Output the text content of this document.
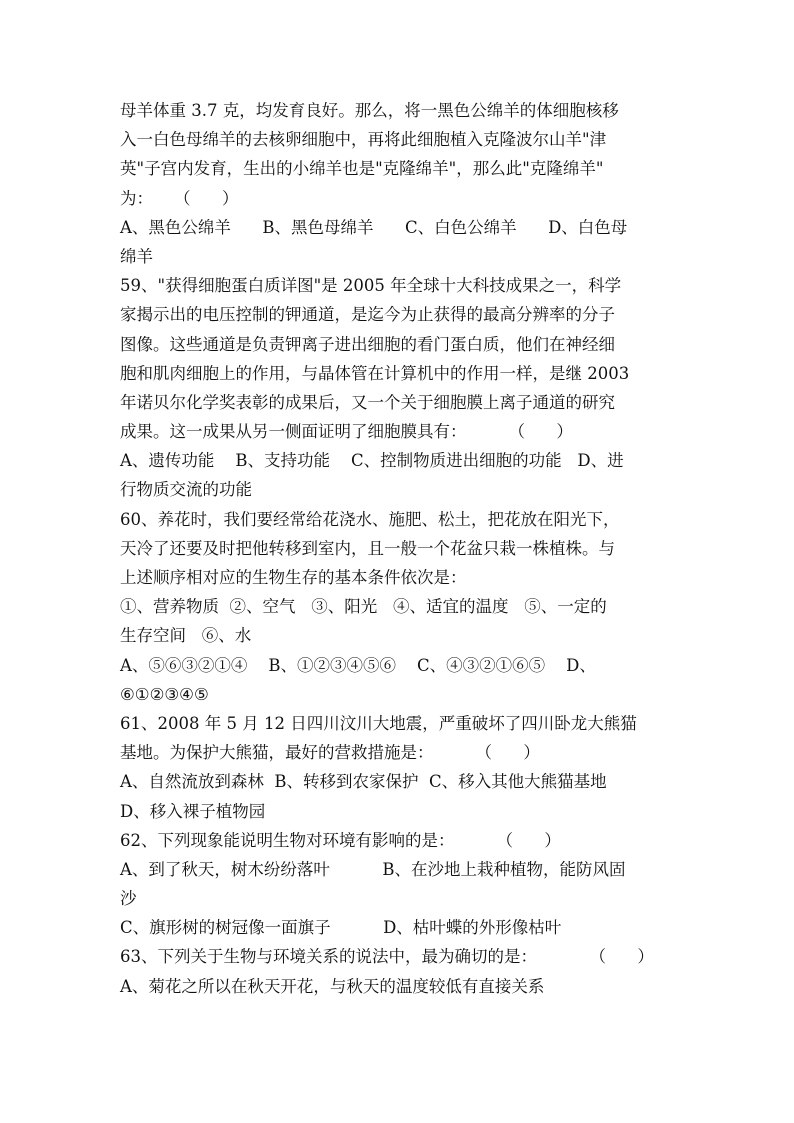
母羊体重 3.7 克，均发育良好。那么，将一黑色公绵羊的体细胞核移
入一白色母绵羊的去核卵细胞中，再将此细胞植入克隆波尔山羊"津
英"子宫内发育，生出的小绵羊也是"克隆绵羊"，那么此"克隆绵羊"
为：    （      ）
A、黑色公绵羊      B、黑色母绵羊      C、白色公绵羊      D、白色母
绵羊
59、"获得细胞蛋白质详图"是 2005 年全球十大科技成果之一，科学
家揭示出的电压控制的钾通道，是迄今为止获得的最高分辨率的分子
图像。这些通道是负责钾离子进出细胞的看门蛋白质，他们在神经细
胞和肌肉细胞上的作用，与晶体管在计算机中的作用一样，是继 2003
年诺贝尔化学奖表彰的成果后，又一个关于细胞膜上离子通道的研究
成果。这一成果从另一侧面证明了细胞膜具有：        （      ）
A、遗传功能    B、支持功能    C、控制物质进出细胞的功能   D、进
行物质交流的功能
60、养花时，我们要经常给花浇水、施肥、松土，把花放在阳光下，
天冷了还要及时把他转移到室内，且一般一个花盆只栽一株植株。与
上述顺序相对应的生物生存的基本条件依次是：
①、营养物质  ②、空气   ③、阳光   ④、适宜的温度   ⑤、一定的
生存空间   ⑥、水
A、⑤⑥③②①④    B、①②③④⑤⑥    C、④③②①⑥⑤    D、
⑥①②③④⑤
61、2008 年 5 月 12 日四川汶川大地震，严重破坏了四川卧龙大熊猫
基地。为保护大熊猫，最好的营救措施是：        （      ）
A、自然流放到森林  B、转移到农家保护  C、移入其他大熊猫基地
D、移入裸子植物园
62、下列现象能说明生物对环境有影响的是：        （      ）
A、到了秋天，树木纷纷落叶          B、在沙地上栽种植物，能防风固
沙
C、旗形树的树冠像一面旗子          D、枯叶蝶的外形像枯叶
63、下列关于生物与环境关系的说法中，最为确切的是：          （      ）
A、菊花之所以在秋天开花，与秋天的温度较低有直接关系
